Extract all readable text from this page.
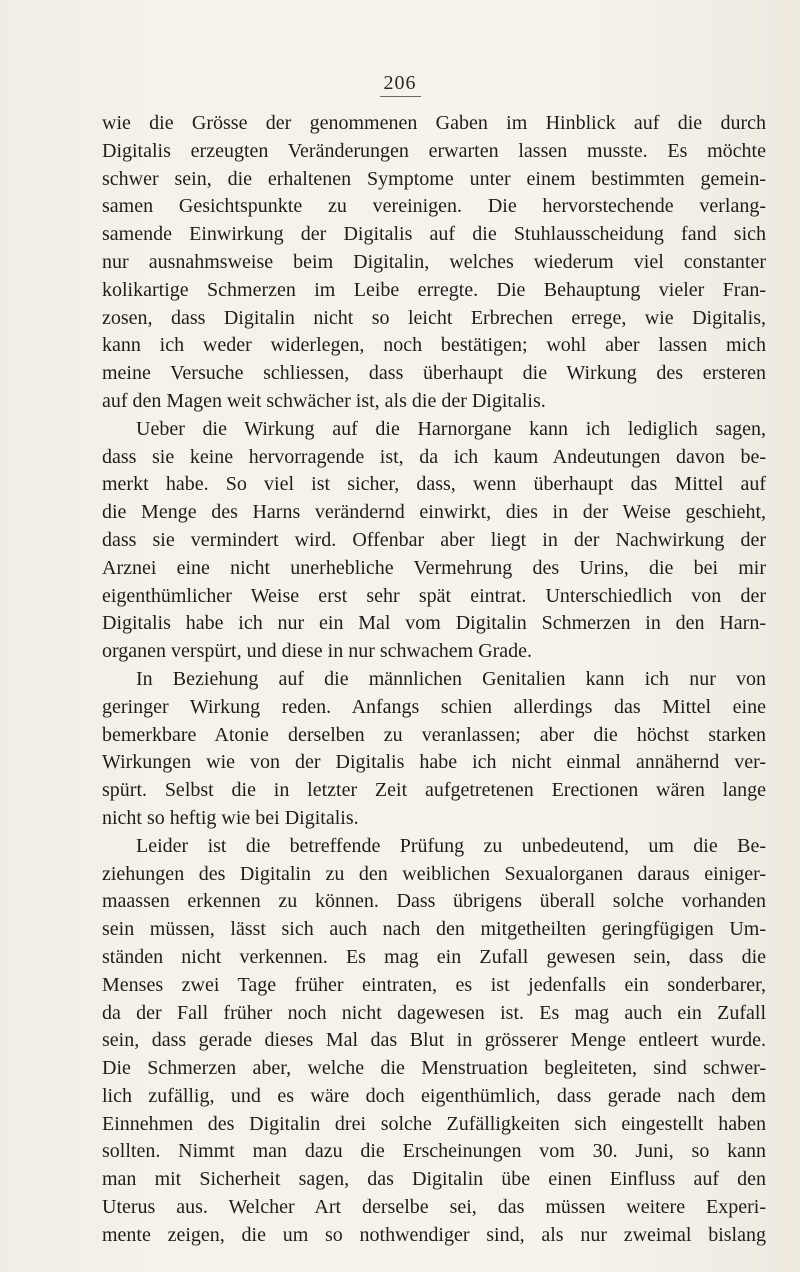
206
wie die Grösse der genommenen Gaben im Hinblick auf die durch
Digitalis erzeugten Veränderungen erwarten lassen musste. Es möchte
schwer sein, die erhaltenen Symptome unter einem bestimmten gemein-
samen Gesichtspunkte zu vereinigen. Die hervorstechende verlang-
samende Einwirkung der Digitalis auf die Stuhlausscheidung fand sich
nur ausnahmsweise beim Digitalin, welches wiederum viel constanter
kolikartige Schmerzen im Leibe erregte. Die Behauptung vieler Fran-
zosen, dass Digitalin nicht so leicht Erbrechen errege, wie Digitalis,
kann ich weder widerlegen, noch bestätigen; wohl aber lassen mich
meine Versuche schliessen, dass überhaupt die Wirkung des ersteren
auf den Magen weit schwächer ist, als die der Digitalis.
Ueber die Wirkung auf die Harnorgane kann ich lediglich sagen,
dass sie keine hervorragende ist, da ich kaum Andeutungen davon be-
merkt habe. So viel ist sicher, dass, wenn überhaupt das Mittel auf
die Menge des Harns verändernd einwirkt, dies in der Weise geschieht,
dass sie vermindert wird. Offenbar aber liegt in der Nachwirkung der
Arznei eine nicht unerhebliche Vermehrung des Urins, die bei mir
eigenthümlicher Weise erst sehr spät eintrat. Unterschiedlich von der
Digitalis habe ich nur ein Mal vom Digitalin Schmerzen in den Harn-
organen verspürt, und diese in nur schwachem Grade.
In Beziehung auf die männlichen Genitalien kann ich nur von
geringer Wirkung reden. Anfangs schien allerdings das Mittel eine
bemerkbare Atonie derselben zu veranlassen; aber die höchst starken
Wirkungen wie von der Digitalis habe ich nicht einmal annähernd ver-
spürt. Selbst die in letzter Zeit aufgetretenen Erectionen wären lange
nicht so heftig wie bei Digitalis.
Leider ist die betreffende Prüfung zu unbedeutend, um die Be-
ziehungen des Digitalin zu den weiblichen Sexualorganen daraus einiger-
maassen erkennen zu können. Dass übrigens überall solche vorhanden
sein müssen, lässt sich auch nach den mitgetheilten geringfügigen Um-
ständen nicht verkennen. Es mag ein Zufall gewesen sein, dass die
Menses zwei Tage früher eintraten, es ist jedenfalls ein sonderbarer,
da der Fall früher noch nicht dagewesen ist. Es mag auch ein Zufall
sein, dass gerade dieses Mal das Blut in grösserer Menge entleert wurde.
Die Schmerzen aber, welche die Menstruation begleiteten, sind schwer-
lich zufällig, und es wäre doch eigenthümlich, dass gerade nach dem
Einnehmen des Digitalin drei solche Zufälligkeiten sich eingestellt haben
sollten. Nimmt man dazu die Erscheinungen vom 30. Juni, so kann
man mit Sicherheit sagen, das Digitalin übe einen Einfluss auf den
Uterus aus. Welcher Art derselbe sei, das müssen weitere Experi-
mente zeigen, die um so nothwendiger sind, als nur zweimal bislang
